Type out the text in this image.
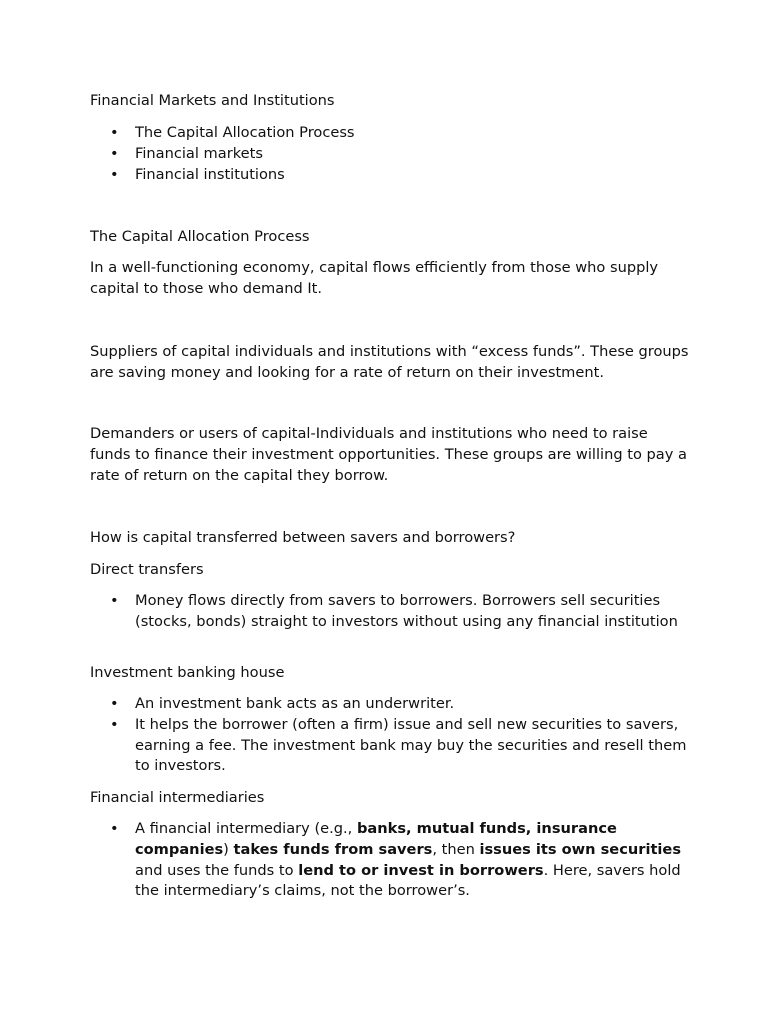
Financial Markets and Institutions
• The Capital Allocation Process
• Financial markets
• Financial institutions
The Capital Allocation Process
In a well-functioning economy, capital flows efficiently from those who supply capital to those who demand It.
Suppliers of capital individuals and institutions with “excess funds”. These groups are saving money and looking for a rate of return on their investment.
Demanders or users of capital-Individuals and institutions who need to raise funds to finance their investment opportunities. These groups are willing to pay a rate of return on the capital they borrow.
How is capital transferred between savers and borrowers?
Direct transfers
• Money flows directly from savers to borrowers. Borrowers sell securities (stocks, bonds) straight to investors without using any financial institution
Investment banking house
• An investment bank acts as an underwriter.
• It helps the borrower (often a firm) issue and sell new securities to savers, earning a fee. The investment bank may buy the securities and resell them to investors.
Financial intermediaries
• A financial intermediary (e.g., banks, mutual funds, insurance companies) takes funds from savers, then issues its own securities and uses the funds to lend to or invest in borrowers. Here, savers hold the intermediary’s claims, not the borrower’s.
